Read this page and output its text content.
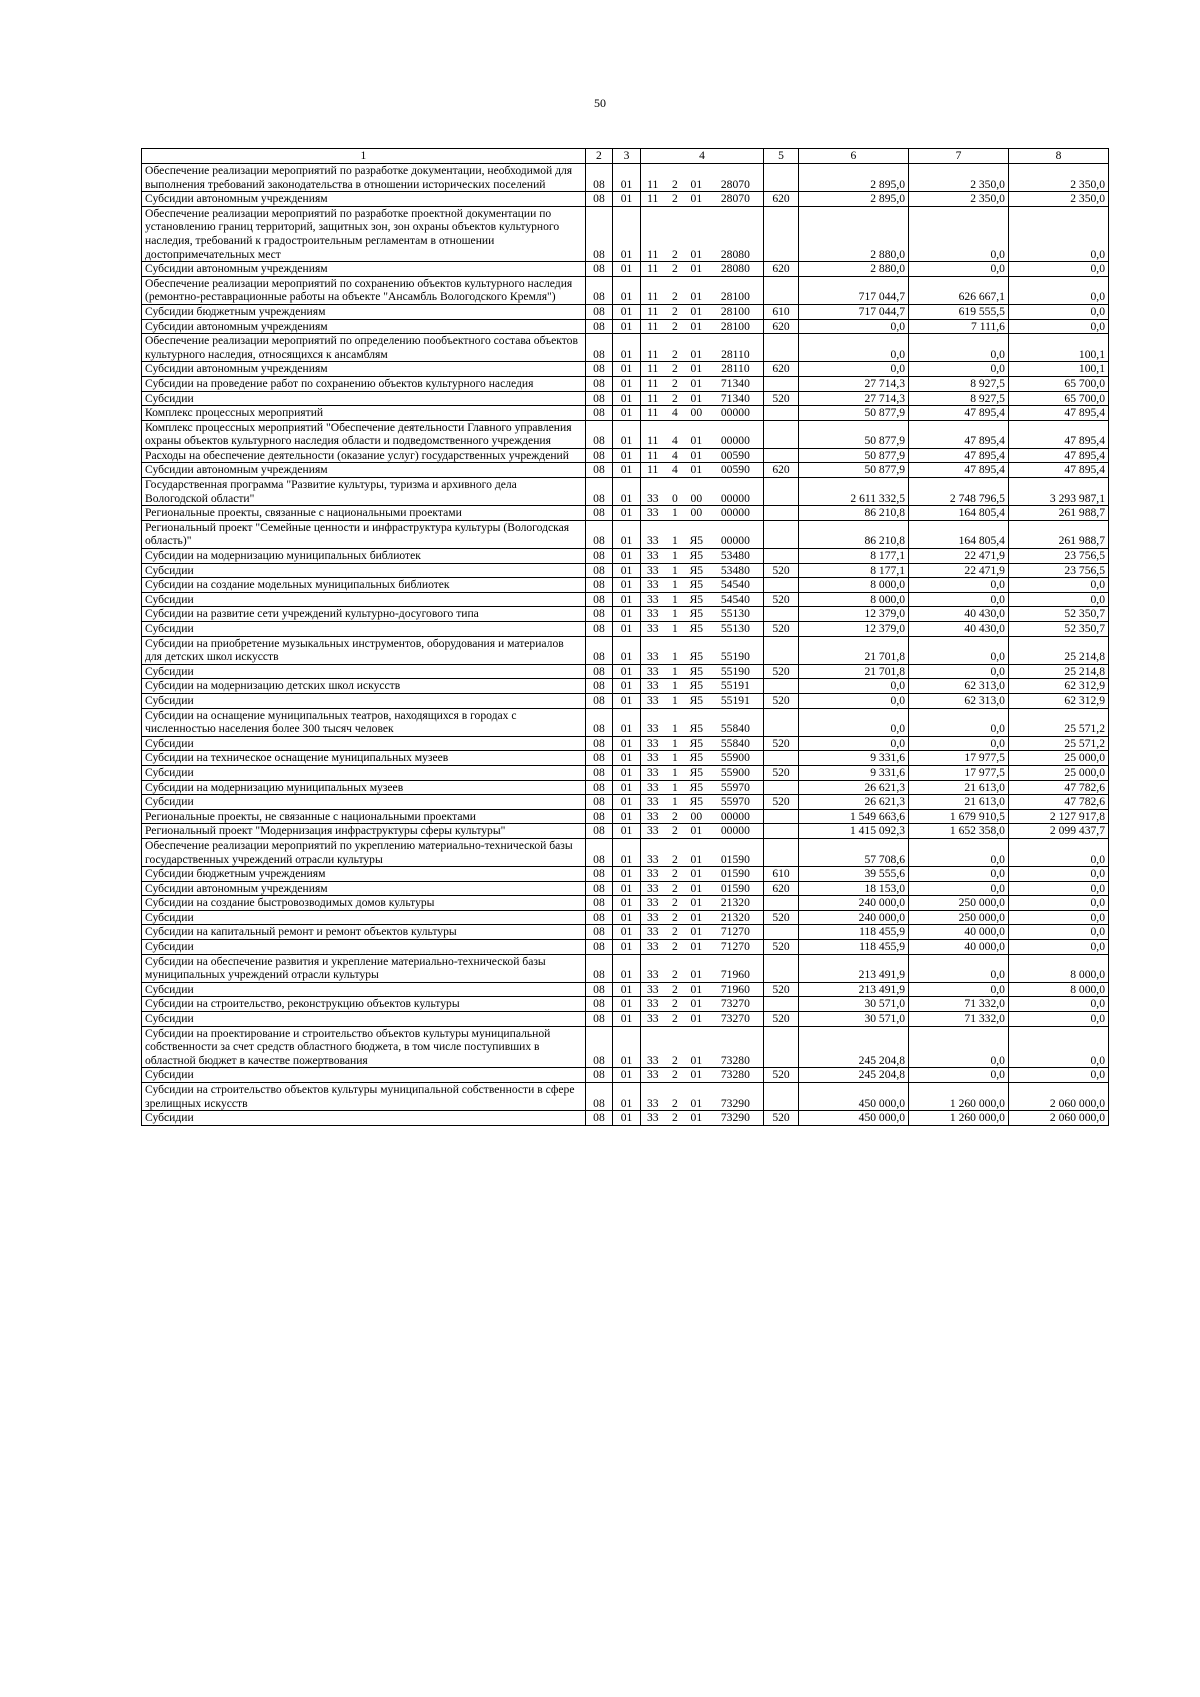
50
1	2	3	4				5	6	7	8
Обеспечение реализации мероприятий по разработке документации, необходимой для выполнения требований законодательства в отношении исторических поселений	08	01	11	2	01	28070		2 895,0	2 350,0	2 350,0
Субсидии автономным учреждениям	08	01	11	2	01	28070	620	2 895,0	2 350,0	2 350,0
Обеспечение реализации мероприятий по разработке проектной документации по установлению границ территорий, защитных зон, зон охраны объектов культурного наследия, требований к градостроительным регламентам в отношении достопримечательных мест	08	01	11	2	01	28080		2 880,0	0,0	0,0
Субсидии автономным учреждениям	08	01	11	2	01	28080	620	2 880,0	0,0	0,0
Обеспечение реализации мероприятий по сохранению объектов культурного наследия (ремонтно-реставрационные работы на объекте "Ансамбль Вологодского Кремля")	08	01	11	2	01	28100		717 044,7	626 667,1	0,0
Субсидии бюджетным учреждениям	08	01	11	2	01	28100	610	717 044,7	619 555,5	0,0
Субсидии автономным учреждениям	08	01	11	2	01	28100	620	0,0	7 111,6	0,0
Обеспечение реализации мероприятий по определению пообъектного состава объектов культурного наследия, относящихся к ансамблям	08	01	11	2	01	28110		0,0	0,0	100,1
Субсидии автономным учреждениям	08	01	11	2	01	28110	620	0,0	0,0	100,1
Субсидии на проведение работ по сохранению объектов культурного наследия	08	01	11	2	01	71340		27 714,3	8 927,5	65 700,0
Субсидии	08	01	11	2	01	71340	520	27 714,3	8 927,5	65 700,0
Комплекс процессных мероприятий	08	01	11	4	00	00000		50 877,9	47 895,4	47 895,4
Комплекс процессных мероприятий "Обеспечение деятельности Главного управления охраны объектов культурного наследия области и подведомственного учреждения	08	01	11	4	01	00000		50 877,9	47 895,4	47 895,4
Расходы на обеспечение деятельности (оказание услуг) государственных учреждений	08	01	11	4	01	00590		50 877,9	47 895,4	47 895,4
Субсидии автономным учреждениям	08	01	11	4	01	00590	620	50 877,9	47 895,4	47 895,4
Государственная программа "Развитие культуры, туризма и архивного дела Вологодской области"	08	01	33	0	00	00000		2 611 332,5	2 748 796,5	3 293 987,1
Региональные проекты, связанные с национальными проектами	08	01	33	1	00	00000		86 210,8	164 805,4	261 988,7
Региональный проект "Семейные ценности и инфраструктура культуры (Вологодская область)"	08	01	33	1	Я5	00000		86 210,8	164 805,4	261 988,7
Субсидии на модернизацию муниципальных библиотек	08	01	33	1	Я5	53480		8 177,1	22 471,9	23 756,5
Субсидии	08	01	33	1	Я5	53480	520	8 177,1	22 471,9	23 756,5
Субсидии на создание модельных муниципальных библиотек	08	01	33	1	Я5	54540		8 000,0	0,0	0,0
Субсидии	08	01	33	1	Я5	54540	520	8 000,0	0,0	0,0
Субсидии на развитие сети учреждений культурно-досугового типа	08	01	33	1	Я5	55130		12 379,0	40 430,0	52 350,7
Субсидии	08	01	33	1	Я5	55130	520	12 379,0	40 430,0	52 350,7
Субсидии на приобретение музыкальных инструментов, оборудования и материалов для детских школ искусств	08	01	33	1	Я5	55190		21 701,8	0,0	25 214,8
Субсидии	08	01	33	1	Я5	55190	520	21 701,8	0,0	25 214,8
Субсидии на модернизацию детских школ искусств	08	01	33	1	Я5	55191		0,0	62 313,0	62 312,9
Субсидии	08	01	33	1	Я5	55191	520	0,0	62 313,0	62 312,9
Субсидии на оснащение муниципальных театров, находящихся в городах с численностью населения более 300 тысяч человек	08	01	33	1	Я5	55840		0,0	0,0	25 571,2
Субсидии	08	01	33	1	Я5	55840	520	0,0	0,0	25 571,2
Субсидии на техническое оснащение муниципальных музеев	08	01	33	1	Я5	55900		9 331,6	17 977,5	25 000,0
Субсидии	08	01	33	1	Я5	55900	520	9 331,6	17 977,5	25 000,0
Субсидии на модернизацию муниципальных музеев	08	01	33	1	Я5	55970		26 621,3	21 613,0	47 782,6
Субсидии	08	01	33	1	Я5	55970	520	26 621,3	21 613,0	47 782,6
Региональные проекты, не связанные с национальными проектами	08	01	33	2	00	00000		1 549 663,6	1 679 910,5	2 127 917,8
Региональный проект "Модернизация инфраструктуры сферы культуры"	08	01	33	2	01	00000		1 415 092,3	1 652 358,0	2 099 437,7
Обеспечение реализации мероприятий по укреплению материально-технической базы государственных учреждений отрасли культуры	08	01	33	2	01	01590		57 708,6	0,0	0,0
Субсидии бюджетным учреждениям	08	01	33	2	01	01590	610	39 555,6	0,0	0,0
Субсидии автономным учреждениям	08	01	33	2	01	01590	620	18 153,0	0,0	0,0
Субсидии на создание быстровозводимых домов культуры	08	01	33	2	01	21320		240 000,0	250 000,0	0,0
Субсидии	08	01	33	2	01	21320	520	240 000,0	250 000,0	0,0
Субсидии на капитальный ремонт и ремонт объектов культуры	08	01	33	2	01	71270		118 455,9	40 000,0	0,0
Субсидии	08	01	33	2	01	71270	520	118 455,9	40 000,0	0,0
Субсидии на обеспечение развития и укрепление материально-технической базы муниципальных учреждений отрасли культуры	08	01	33	2	01	71960		213 491,9	0,0	8 000,0
Субсидии	08	01	33	2	01	71960	520	213 491,9	0,0	8 000,0
Субсидии на строительство, реконструкцию объектов культуры	08	01	33	2	01	73270		30 571,0	71 332,0	0,0
Субсидии	08	01	33	2	01	73270	520	30 571,0	71 332,0	0,0
Субсидии на проектирование и строительство объектов культуры муниципальной собственности за счет средств областного бюджета, в том числе поступивших в областной бюджет в качестве пожертвования	08	01	33	2	01	73280		245 204,8	0,0	0,0
Субсидии	08	01	33	2	01	73280	520	245 204,8	0,0	0,0
Субсидии на строительство объектов культуры муниципальной собственности в сфере зрелищных искусств	08	01	33	2	01	73290		450 000,0	1 260 000,0	2 060 000,0
Субсидии	08	01	33	2	01	73290	520	450 000,0	1 260 000,0	2 060 000,0
